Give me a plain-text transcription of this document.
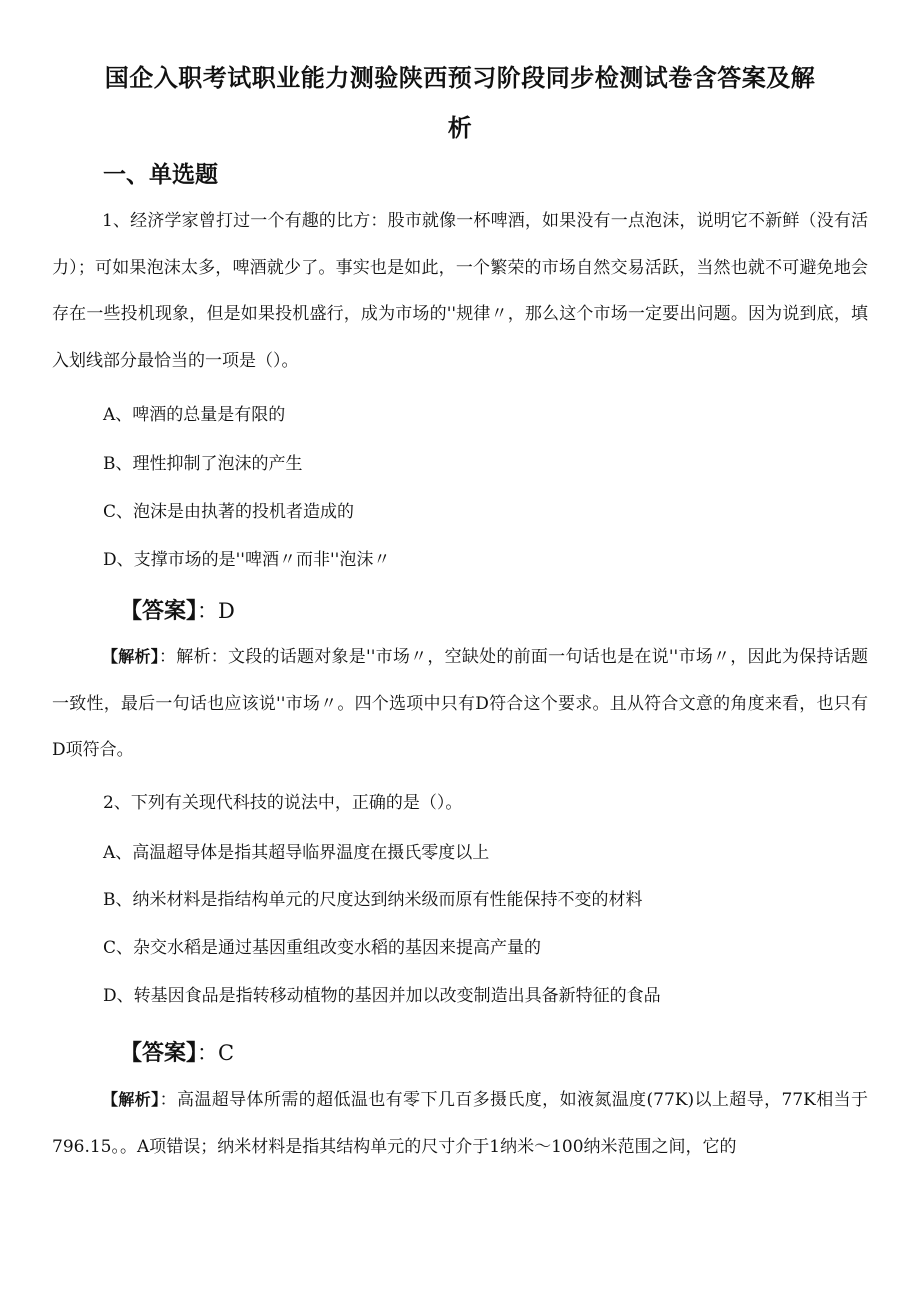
国企入职考试职业能力测验陕西预习阶段同步检测试卷含答案及解
析
一、单选题
1、经济学家曾打过一个有趣的比方：股市就像一杯啤酒，如果没有一点泡沫，说明它不新鲜（没有活力）；可如果泡沫太多，啤酒就少了。事实也是如此，一个繁荣的市场自然交易活跃，当然也就不可避免地会存在一些投机现象，但是如果投机盛行，成为市场的''规律〃，那么这个市场一定要出问题。因为说到底，填入划线部分最恰当的一项是（）。
A、啤酒的总量是有限的
B、理性抑制了泡沫的产生
C、泡沫是由执著的投机者造成的
D、支撑市场的是''啤酒〃而非''泡沫〃
【答案】：D
【解析】：解析：文段的话题对象是''市场〃，空缺处的前面一句话也是在说''市场〃，因此为保持话题一致性，最后一句话也应该说''市场〃。四个选项中只有D符合这个要求。且从符合文意的角度来看，也只有D项符合。
2、下列有关现代科技的说法中，正确的是（）。
A、高温超导体是指其超导临界温度在摄氏零度以上
B、纳米材料是指结构单元的尺度达到纳米级而原有性能保持不变的材料
C、杂交水稻是通过基因重组改变水稻的基因来提高产量的
D、转基因食品是指转移动植物的基因并加以改变制造出具备新特征的食品
【答案】：C
【解析】：高温超导体所需的超低温也有零下几百多摄氏度，如液氮温度(77K)以上超导，77K相当于796.15。。A项错误；纳米材料是指其结构单元的尺寸介于1纳米～100纳米范围之间，它的
